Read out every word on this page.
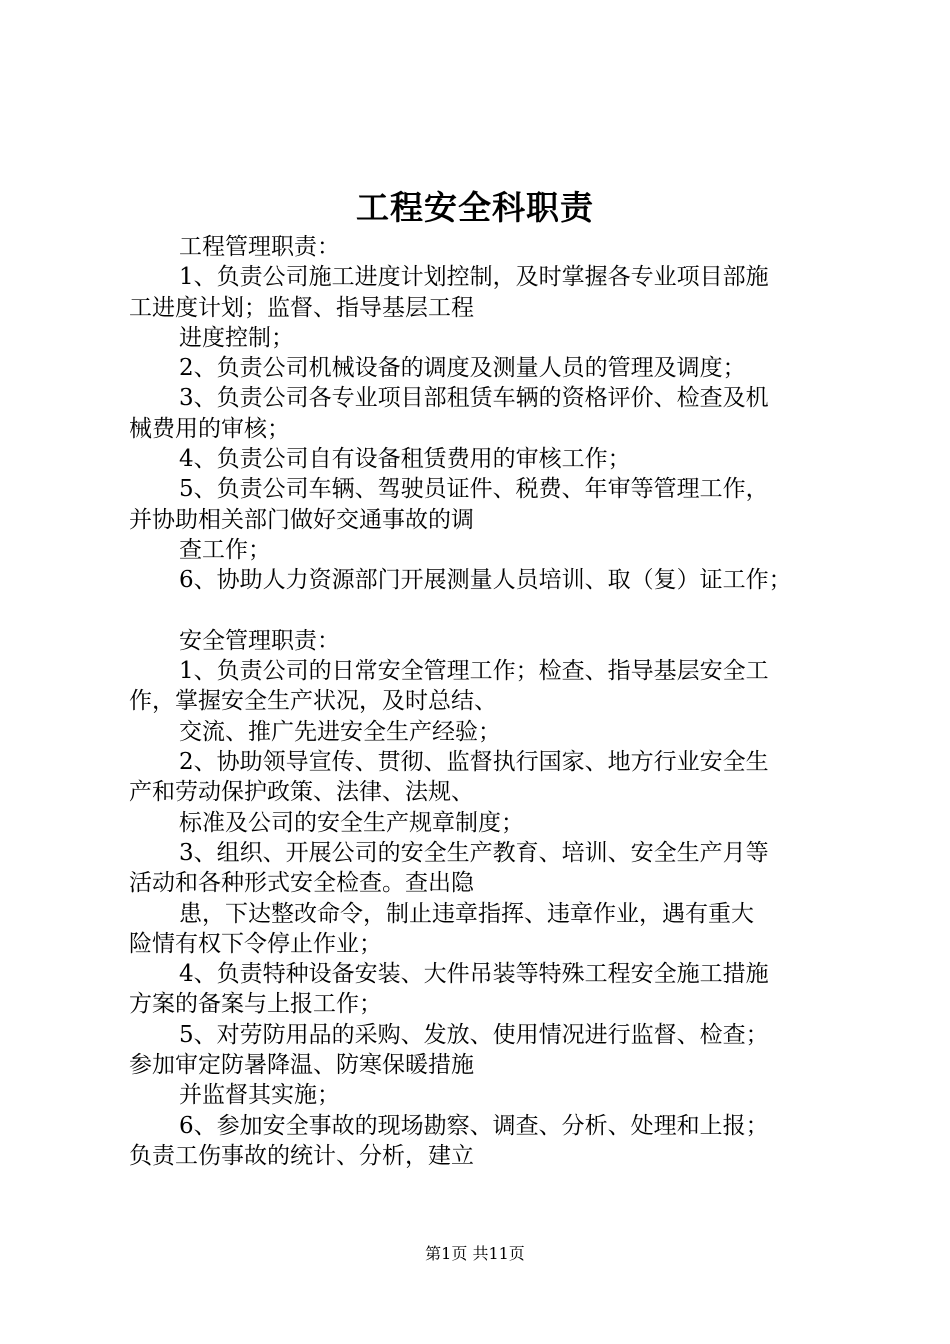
工程安全科职责
工程管理职责：
1、负责公司施工进度计划控制，及时掌握各专业项目部施
工进度计划；监督、指导基层工程
进度控制；
2、负责公司机械设备的调度及测量人员的管理及调度；
3、负责公司各专业项目部租赁车辆的资格评价、检查及机
械费用的审核；
4、负责公司自有设备租赁费用的审核工作；
5、负责公司车辆、驾驶员证件、税费、年审等管理工作，
并协助相关部门做好交通事故的调
查工作；
6、协助人力资源部门开展测量人员培训、取（复）证工作；
安全管理职责：
1、负责公司的日常安全管理工作；检查、指导基层安全工
作，掌握安全生产状况，及时总结、
交流、推广先进安全生产经验；
2、协助领导宣传、贯彻、监督执行国家、地方行业安全生
产和劳动保护政策、法律、法规、
标准及公司的安全生产规章制度；
3、组织、开展公司的安全生产教育、培训、安全生产月等
活动和各种形式安全检查。查出隐
患，下达整改命令，制止违章指挥、违章作业，遇有重大
险情有权下令停止作业；
4、负责特种设备安装、大件吊装等特殊工程安全施工措施
方案的备案与上报工作；
5、对劳防用品的采购、发放、使用情况进行监督、检查；
参加审定防暑降温、防寒保暖措施
并监督其实施；
6、参加安全事故的现场勘察、调查、分析、处理和上报；
负责工伤事故的统计、分析，建立
第1页 共11页
